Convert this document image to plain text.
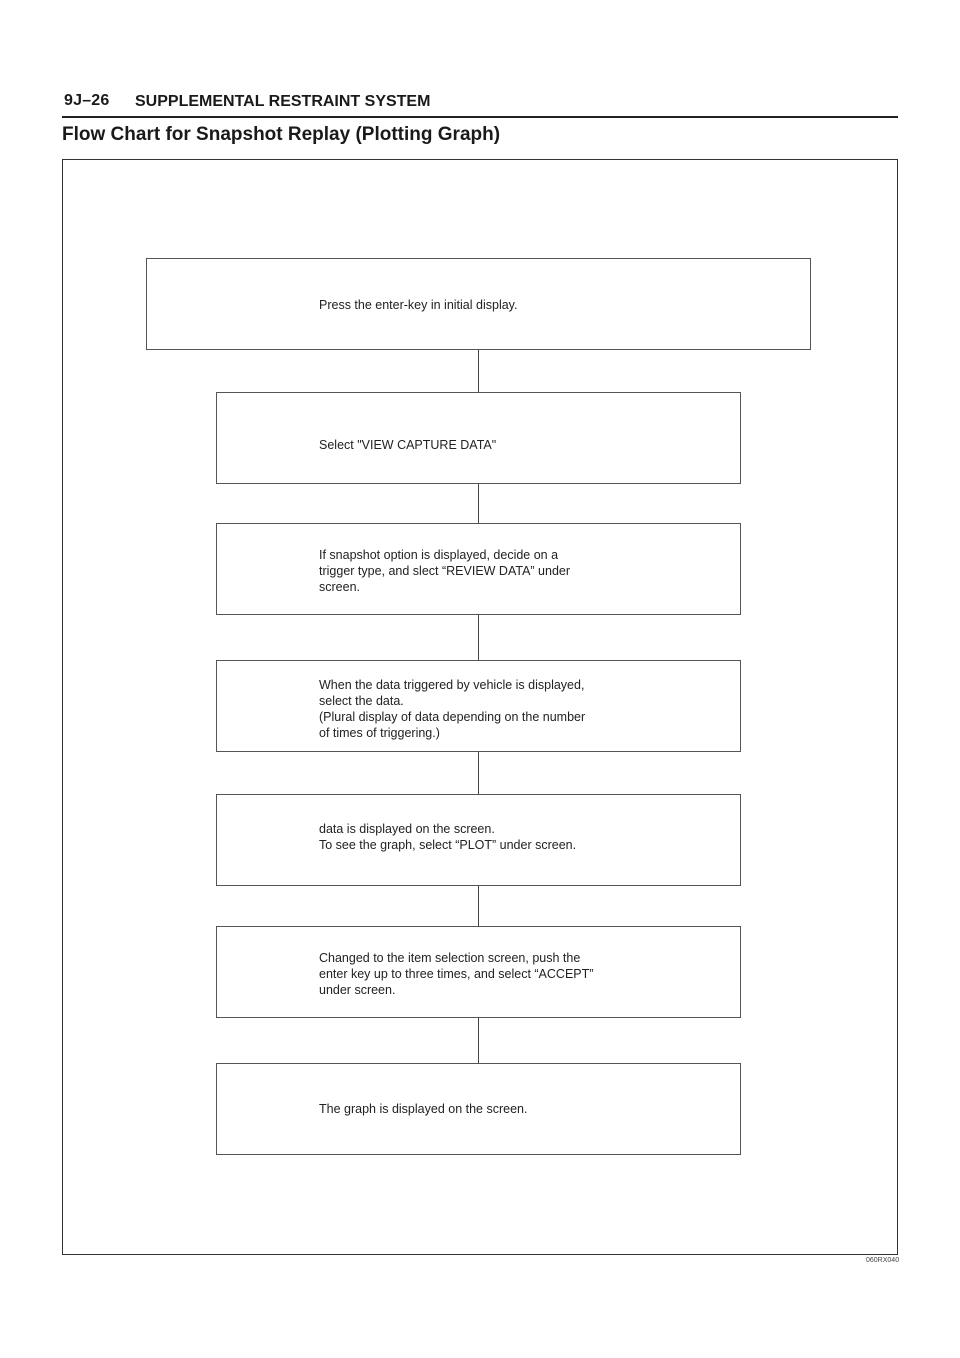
9J–26 SUPPLEMENTAL RESTRAINT SYSTEM
Flow Chart for Snapshot Replay (Plotting Graph)
Press the enter-key in initial display.
Select "VIEW CAPTURE DATA"
If snapshot option is displayed, decide on a
trigger type, and slect “REVIEW DATA” under
screen.
When the data triggered by vehicle is displayed,
select the data.
(Plural display of data depending on the number
of times of triggering.)
data is displayed on the screen.
To see the graph, select “PLOT” under screen.
Changed to the item selection screen, push the
enter key up to three times, and select “ACCEPT”
under screen.
The graph is displayed on the screen.
060RX040
